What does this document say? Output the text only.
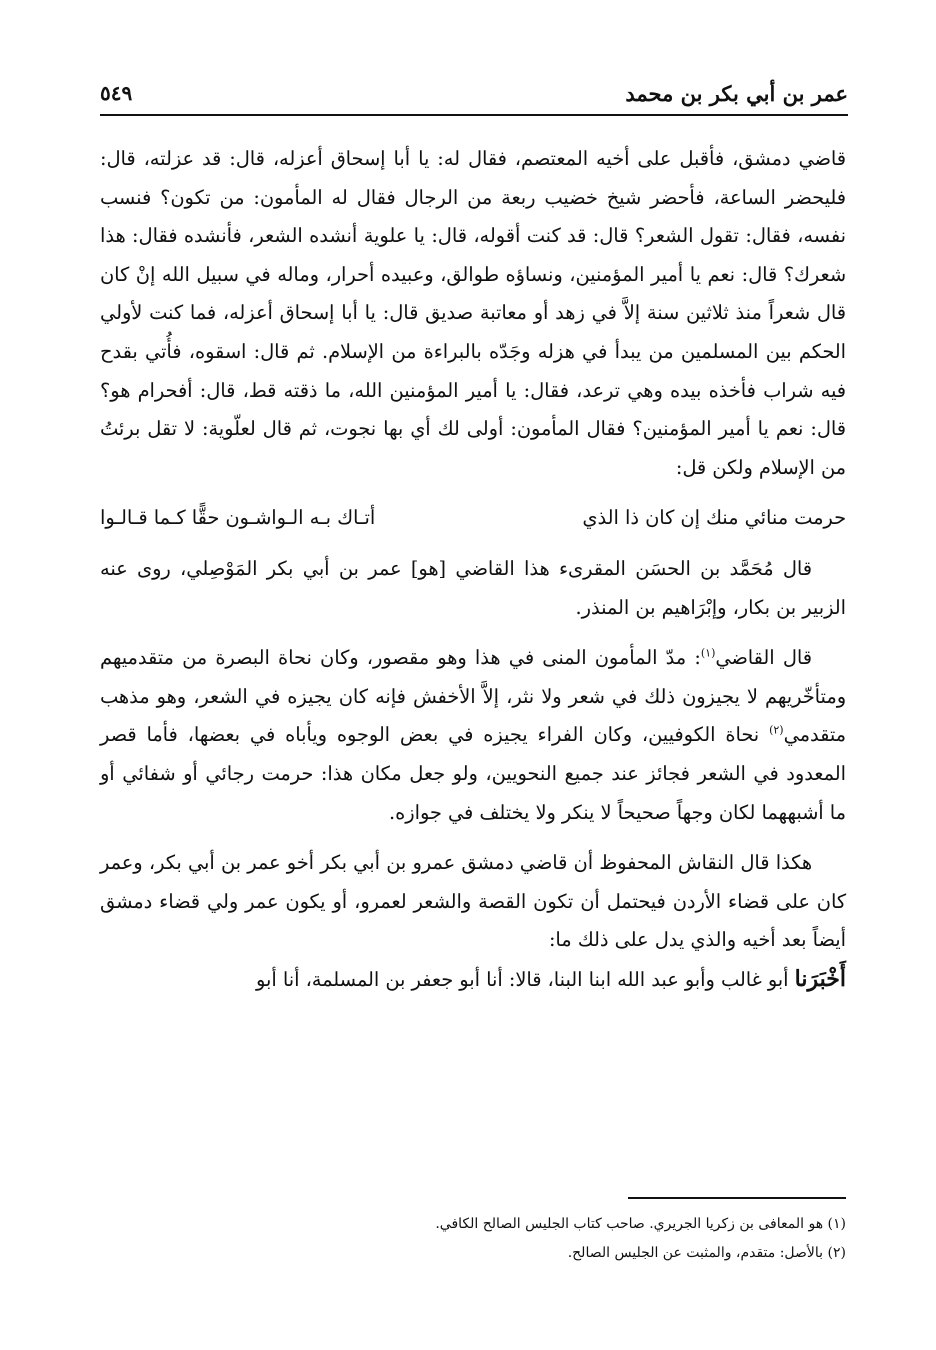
عمر بن أبي بكر بن محمد
٥٤٩

قاضي دمشق، فأقبل على أخيه المعتصم، فقال له: يا أبا إسحاق أعزله، قال: قد عزلته، قال: فليحضر الساعة، فأحضر شيخ خضيب ربعة من الرجال فقال له المأمون: من تكون؟ فنسب نفسه، فقال: تقول الشعر؟ قال: قد كنت أقوله، قال: يا علوية أنشده الشعر، فأنشده فقال: هذا شعرك؟ قال: نعم يا أمير المؤمنين، ونساؤه طوالق، وعبيده أحرار، وماله في سبيل الله إنْ كان قال شعراً منذ ثلاثين سنة إلاَّ في زهد أو معاتبة صديق قال: يا أبا إسحاق أعزله، فما كنت لأولي الحكم بين المسلمين من يبدأ في هزله وجَدّه بالبراءة من الإسلام. ثم قال: اسقوه، فأُتي بقدح فيه شراب فأخذه بيده وهي ترعد، فقال: يا أمير المؤمنين الله، ما ذقته قط، قال: أفحرام هو؟ قال: نعم يا أمير المؤمنين؟ فقال المأمون: أولى لك أي بها نجوت، ثم قال لعلّوية: لا تقل برئتُ من الإسلام ولكن قل:

حرمت منائي منك إن كان ذا الذي
أتـاك بـه الـواشـون حقًّا كـما قـالـوا

قال مُحَمَّد بن الحسَن المقرىء هذا القاضي [هو] عمر بن أبي بكر المَوْصِلي، روى عنه الزبير بن بكار، وإبْرَاهيم بن المنذر.

قال القاضي$^{(١)}$: مدّ المأمون المنى في هذا وهو مقصور، وكان نحاة البصرة من متقدميهم ومتأخّريهم لا يجيزون ذلك في شعر ولا نثر، إلاَّ الأخفش فإنه كان يجيزه في الشعر، وهو مذهب متقدمي$^{(٢)}$ نحاة الكوفيين، وكان الفراء يجيزه في بعض الوجوه ويأباه في بعضها، فأما قصر المعدود في الشعر فجائز عند جميع النحويين، ولو جعل مكان هذا: حرمت رجائي أو شفائي أو ما أشبههما لكان وجهاً صحيحاً لا ينكر ولا يختلف في جوازه.

هكذا قال النقاش المحفوظ أن قاضي دمشق عمرو بن أبي بكر أخو عمر بن أبي بكر، وعمر كان على قضاء الأردن فيحتمل أن تكون القصة والشعر لعمرو، أو يكون عمر ولي قضاء دمشق أيضاً بعد أخيه والذي يدل على ذلك ما:

أَخْبَرَنا أبو غالب وأبو عبد الله ابنا البنا، قالا: أنا أبو جعفر بن المسلمة، أنا أبو

(١) هو المعافى بن زكريا الجريري. صاحب كتاب الجليس الصالح الكافي.

(٢) بالأصل: متقدم، والمثبت عن الجليس الصالح.
